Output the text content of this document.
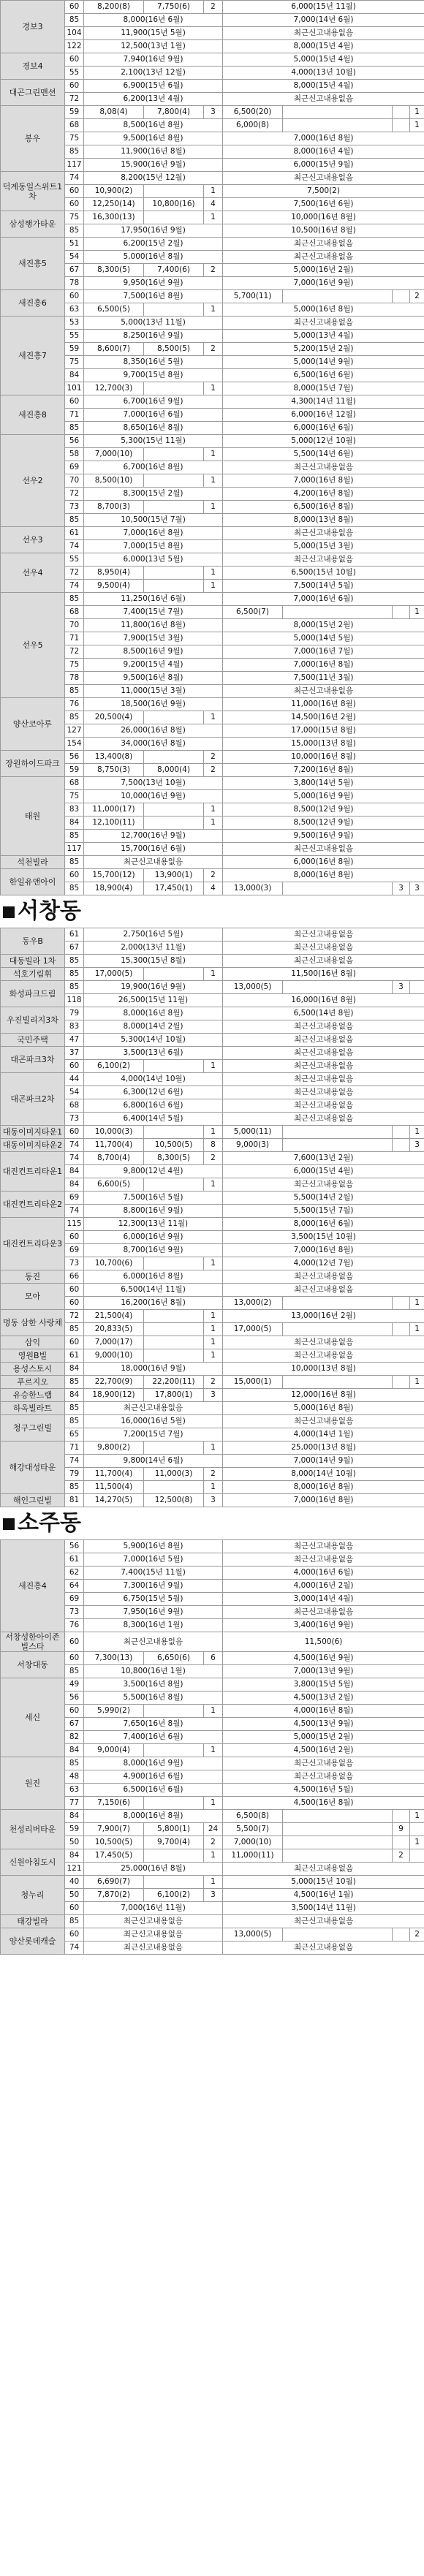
경보3	60	8,200(8)	7,750(6)	2	6,000(15년 11월)			
	85	8,000(16년 6월)			7,000(14년 6월)			
	104	11,900(15년 5월)			최근신고내용없음			
	122	12,500(13년 1월)			8,000(15년 4월)			
경보4	60	7,940(16년 9월)			5,000(15년 4월)			
	55	2,100(13년 12월)			4,000(13년 10월)			
대곤그린맨션	60	6,900(15년 6월)			8,000(15년 4월)			
	72	6,200(13년 4월)			최근신고내용없음			
봉우	59	8,08(4)	7,800(4)	3	6,500(20)				1
	68	8,500(16년 8월)			6,000(8)				1
	75	9,500(16년 8월)			7,000(16년 8월)			
	85	11,900(16년 8월)			8,000(16년 4월)			
	117	15,900(16년 9월)			6,000(15년 9월)			
덕계동일스위트1차	74	8,200(15년 12월)			최근신고내용없음			
	60	10,900(2)		1	7,500(2)			
	60	12,250(14)	10,800(16)	4	7,500(16년 6월)			
삼성행가타운	75	16,300(13)		1	10,000(16년 8월)			
	85	17,950(16년 9월)			10,500(16년 8월)			
새진흥5	51	6,200(15년 2월)			최근신고내용없음			
	54	5,000(16년 8월)			최근신고내용없음			
	67	8,300(5)	7,400(6)	2	5,000(16년 2월)			
	78	9,950(16년 9월)			7,000(16년 9월)			
새진흥6	60	7,500(16년 8월)			5,700(11)				2
	63	6,500(5)		1	5,000(16년 8월)			
새진흥7	53	5,000(13년 11월)			최근신고내용없음			
	55	8,250(16년 9월)			5,000(13년 4월)			
	59	8,600(7)	8,500(5)	2	5,200(15년 2월)			
	75	8,350(16년 5월)			5,000(14년 9월)			
	84	9,700(15년 8월)			6,500(16년 6월)			
	101	12,700(3)		1	8,000(15년 7월)			
새진흥8	60	6,700(16년 9월)			4,300(14년 11월)			
	71	7,000(16년 6월)			6,000(16년 12월)			
	85	8,650(16년 8월)			6,000(16년 6월)			
선우2	56	5,300(15년 11월)			5,000(12년 10월)			
	58	7,000(10)		1	5,500(14년 6월)			
	69	6,700(16년 8월)			최근신고내용없음			
	70	8,500(10)		1	7,000(16년 8월)			
	72	8,300(15년 2월)			4,200(16년 8월)			
	73	8,700(3)		1	6,500(16년 8월)			
	85	10,500(15년 7월)			8,000(13년 8월)			
선우3	61	7,000(16년 8월)			최근신고내용없음			
	74	7,000(15년 8월)			5,000(15년 3월)			
선우4	55	6,000(13년 5월)			최근신고내용없음			
	72	8,950(4)		1	6,500(15년 10월)			
	74	9,500(4)		1	7,500(14년 5월)			
선우5	85	11,250(16년 6월)			7,000(16년 6월)			
	68	7,400(15년 7월)			6,500(7)				1
	70	11,800(16년 8월)			8,000(15년 2월)			
	71	7,900(15년 3월)			5,000(14년 5월)			
	72	8,500(16년 9월)			7,000(16년 7월)			
	75	9,200(15년 4월)			7,000(16년 8월)			
	78	9,500(16년 8월)			7,500(11년 3월)			
	85	11,000(15년 3월)			최근신고내용없음			
양산코아루	76	18,500(16년 9월)			11,000(16년 8월)			
	85	20,500(4)		1	14,500(16년 2월)			
	127	26,000(16년 8월)			17,000(15년 8월)			
	154	34,000(16년 8월)			15,000(13년 8월)			
장원하이드파크	56	13,400(8)		2	10,000(16년 8월)			
	59	8,750(3)	8,000(4)	2	7,200(16년 8월)			
태원	68	7,500(13년 10월)			3,800(14년 5월)			
	75	10,000(16년 9월)			5,000(16년 9월)			
	83	11,000(17)		1	8,500(12년 9월)			
	84	12,100(11)		1	8,500(12년 9월)			
	85	12,700(16년 9월)			9,500(16년 9월)			
	117	15,700(16년 6월)			최근신고내용없음			
석천빌라	85	최근신고내용없음			6,000(16년 8월)			
한일유앤아이	60	15,700(12)	13,900(1)	2	8,000(16년 8월)			
	85	18,900(4)	17,450(1)	4	13,000(3)			3	3
서창동
동우B	61	2,750(16년 5월)			최근신고내용없음			
	67	2,000(13년 11월)			최근신고내용없음			
대동빌라 1차	85	15,300(15년 8월)			최근신고내용없음			
석호기림휘	85	17,000(5)		1	11,500(16년 8월)			
화성파크드림	85	19,900(16년 9월)			13,000(5)			3	
	118	26,500(15년 11월)			16,000(16년 8월)			
우진빌리지3차	79	8,000(16년 8월)			6,500(14년 8월)			
	83	8,000(14년 2월)			최근신고내용없음			
국민주택	47	5,300(14년 10월)			최근신고내용없음			
대곤파크3차	37	3,500(13년 6월)			최근신고내용없음			
	60	6,100(2)		1	최근신고내용없음			
대곤파크2차	44	4,000(14년 10월)			최근신고내용없음			
	54	6,300(12년 6월)			최근신고내용없음			
	68	6,800(16년 6월)			최근신고내용없음			
	73	6,400(14년 5월)			최근신고내용없음			
대동이미지타운1	60	10,000(3)		1	5,000(11)				1
대동이미지타운2	74	11,700(4)	10,500(5)	8	9,000(3)				3
대진컨트리타운1	74	8,700(4)	8,300(5)	2	7,600(13년 2월)			
	84	9,800(12년 4월)			6,000(15년 4월)			
	84	6,600(5)		1	최근신고내용없음			
대진컨트리타운2	69	7,500(16년 5월)			5,500(14년 2월)			
	74	8,800(16년 9월)			5,500(15년 7월)			
대진컨트리타운3	115	12,300(13년 11월)			8,000(16년 6월)			
	60	6,000(16년 9월)			3,500(15년 10월)			
	69	8,700(16년 9월)			7,000(16년 8월)			
	73	10,700(6)		1	4,000(12년 7월)			
동진	66	6,000(16년 8월)			최근신고내용없음			
모아	60	6,500(14년 11월)			최근신고내용없음			
	60	16,200(16년 8월)			13,000(2)				1
명동 삼한 사랑채	72	21,500(4)		1	13,000(16년 2월)			
	85	20,833(5)		1	17,000(5)				1
삼익	60	7,000(17)		1	최근신고내용없음			
영원B빌	61	9,000(10)		1	최근신고내용없음			
용성스토시	84	18,000(16년 9월)			10,000(13년 8월)			
푸르지오	85	22,700(9)	22,200(11)	2	15,000(1)				1
유승한느랩	84	18,900(12)	17,800(1)	3	12,000(16년 8월)			
하옥빌라트	85	최근신고내용없음			5,000(16년 8월)			
청구그린빌	85	16,000(16년 5월)			최근신고내용없음			
	65	7,200(15년 7월)			4,000(14년 1월)			
해강대성타운	71	9,800(2)		1	25,000(13년 8월)			
	74	9,800(14년 6월)			7,000(14년 9월)			
	79	11,700(4)	11,000(3)	2	8,000(14년 10월)			
	85	11,500(4)		1	8,000(16년 8월)			
해인그린빌	81	14,270(5)	12,500(8)	3	7,000(16년 8월)			
소주동
새진흥4	56	5,900(16년 8월)			최근신고내용없음			
	61	7,000(16년 5월)			최근신고내용없음			
	62	7,400(15년 11월)			4,000(16년 6월)			
	64	7,300(16년 9월)			4,000(16년 2월)			
	69	6,750(15년 5월)			3,000(14년 4월)			
	73	7,950(16년 9월)			최근신고내용없음			
	76	8,300(16년 1월)			3,400(16년 9월)			
서창성한아이존빌스타	60	최근신고내용없음			11,500(6)			
서창대동	60	7,300(13)	6,650(6)	6	4,500(16년 9월)			
	85	10,800(16년 1월)			7,000(13년 9월)			
세신	49	3,500(16년 8월)			3,800(15년 5월)			
	56	5,500(16년 8월)			4,500(13년 2월)			
	60	5,990(2)		1	4,000(16년 8월)			
	67	7,650(16년 8월)			4,500(13년 9월)			
	82	7,400(16년 6월)			5,000(15년 2월)			
	84	9,000(4)		1	4,500(16년 2월)			
원진	85	8,000(16년 9월)			최근신고내용없음			
	48	4,900(16년 6월)			최근신고내용없음			
	63	6,500(16년 6월)			4,500(16년 5월)			
	77	7,150(6)		1	4,500(16년 8월)			
천성리버타운	84	8,000(16년 8월)			6,500(8)				1
	59	7,900(7)	5,800(1)	24	5,500(7)			9	
	50	10,500(5)	9,700(4)	2	7,000(10)				1
신원아침도시	84	17,450(5)		1	11,000(11)			2	
	121	25,000(16년 8월)			최근신고내용없음			
청누리	40	6,690(7)		1	5,000(15년 10월)			
	50	7,870(2)	6,100(2)	3	4,500(16년 1월)			
	60	7,000(16년 11월)			3,500(14년 11월)			
태강빌라	85	최근신고내용없음			최근신고내용없음			
양산롯데캐슬	60	최근신고내용없음			13,000(5)				2
	74	최근신고내용없음			최근신고내용없음			
